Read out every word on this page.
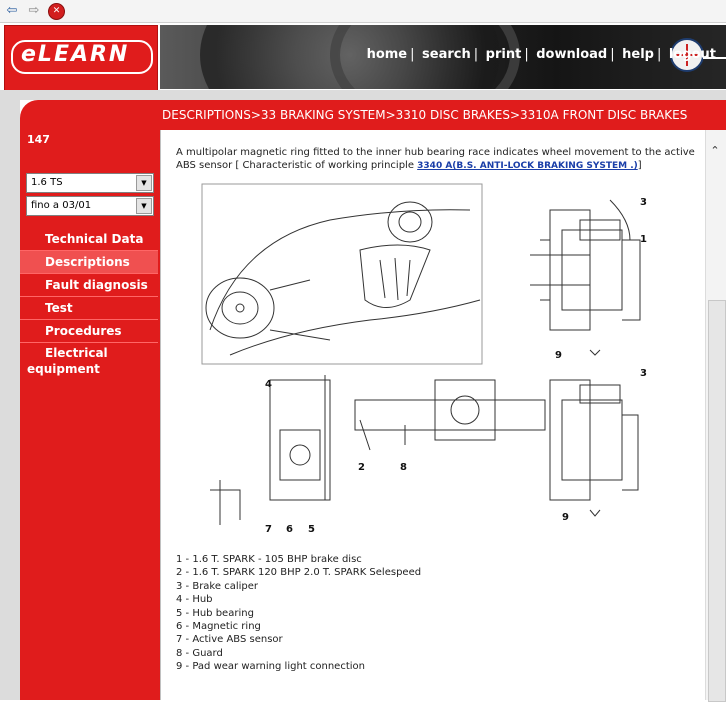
⇦ ⇨	✕
eLEARN	home | search | print | download | help | logout
DESCRIPTIONS>33 BRAKING SYSTEM>3310 DISC BRAKES>3310A FRONT DISC BRAKES
147
1.6 TS	▼
fino a 03/01	▼
Technical Data
Descriptions
Fault diagnosis
Test
Procedures
Electrical equipment
A multipolar magnetic ring fitted to the inner hub bearing race indicates wheel movement to the active ABS sensor [ Characteristic of working principle 3340 A(B.S. ANTI-LOCK BRAKING SYSTEM .)]
3
1
9
4
3
2	8
7 6 5
9
1 - 1.6 T. SPARK - 105 BHP brake disc
2 - 1.6 T. SPARK 120 BHP 2.0 T. SPARK Selespeed
3 - Brake caliper
4 - Hub
5 - Hub bearing
6 - Magnetic ring
7 - Active ABS sensor
8 - Guard
9 - Pad wear warning light connection
⌃
